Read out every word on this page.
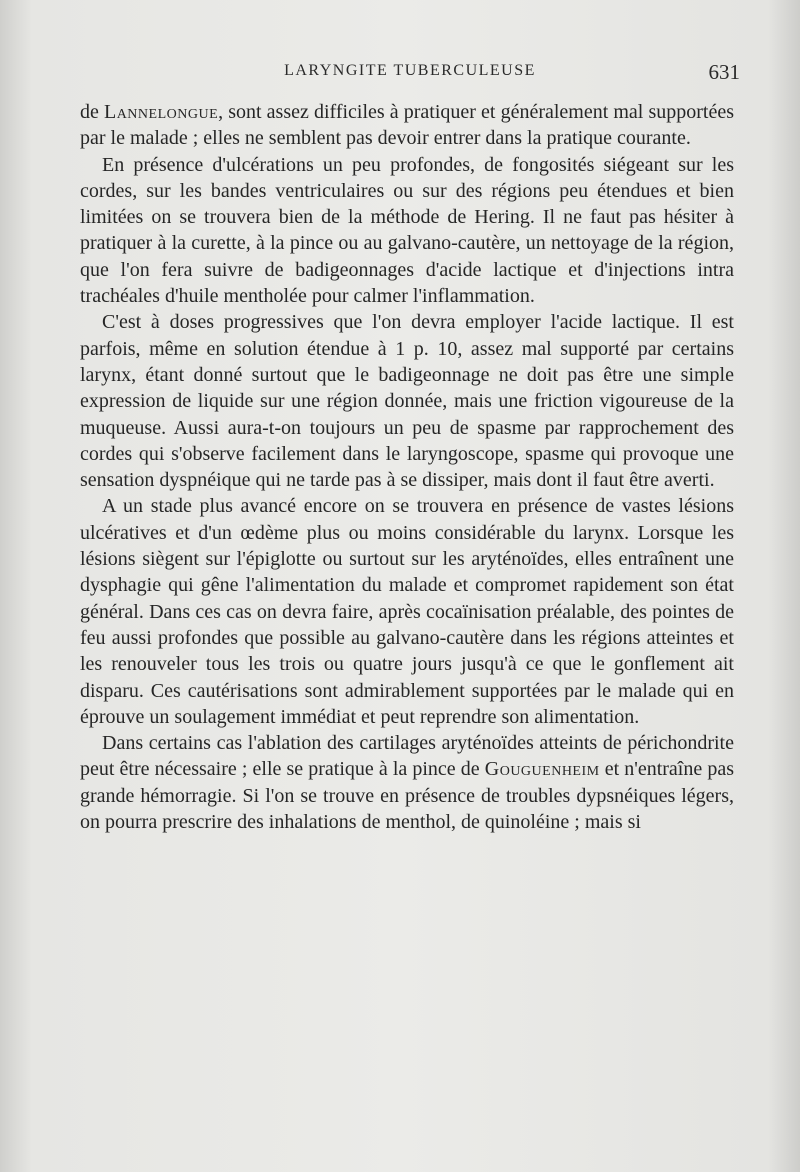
LARYNGITE TUBERCULEUSE	631

de Lannelongue, sont assez difficiles à pratiquer et généralement mal supportées par le malade ; elles ne semblent pas devoir entrer dans la pratique courante.

En présence d'ulcérations un peu profondes, de fongosités siégeant sur les cordes, sur les bandes ventriculaires ou sur des régions peu étendues et bien limitées on se trouvera bien de la méthode de Hering. Il ne faut pas hésiter à pratiquer à la curette, à la pince ou au galvano-cautère, un nettoyage de la région, que l'on fera suivre de badigeonnages d'acide lactique et d'injections intra trachéales d'huile mentholée pour calmer l'inflammation.

C'est à doses progressives que l'on devra employer l'acide lactique. Il est parfois, même en solution étendue à 1 p. 10, assez mal supporté par certains larynx, étant donné surtout que le badigeonnage ne doit pas être une simple expression de liquide sur une région donnée, mais une friction vigoureuse de la muqueuse. Aussi aura-t-on toujours un peu de spasme par rapprochement des cordes qui s'observe facilement dans le laryngoscope, spasme qui provoque une sensation dyspnéique qui ne tarde pas à se dissiper, mais dont il faut être averti.

A un stade plus avancé encore on se trouvera en présence de vastes lésions ulcératives et d'un œdème plus ou moins considérable du larynx. Lorsque les lésions siègent sur l'épiglotte ou surtout sur les aryténoïdes, elles entraînent une dysphagie qui gêne l'alimentation du malade et compromet rapidement son état général. Dans ces cas on devra faire, après cocaïnisation préalable, des pointes de feu aussi profondes que possible au galvano-cautère dans les régions atteintes et les renouveler tous les trois ou quatre jours jusqu'à ce que le gonflement ait disparu. Ces cautérisations sont admirablement supportées par le malade qui en éprouve un soulagement immédiat et peut reprendre son alimentation.

Dans certains cas l'ablation des cartilages aryténoïdes atteints de périchondrite peut être nécessaire ; elle se pratique à la pince de Gouguenheim et n'entraîne pas grande hémorragie. Si l'on se trouve en présence de troubles dypsnéiques légers, on pourra prescrire des inhalations de menthol, de quinoléine ; mais si
